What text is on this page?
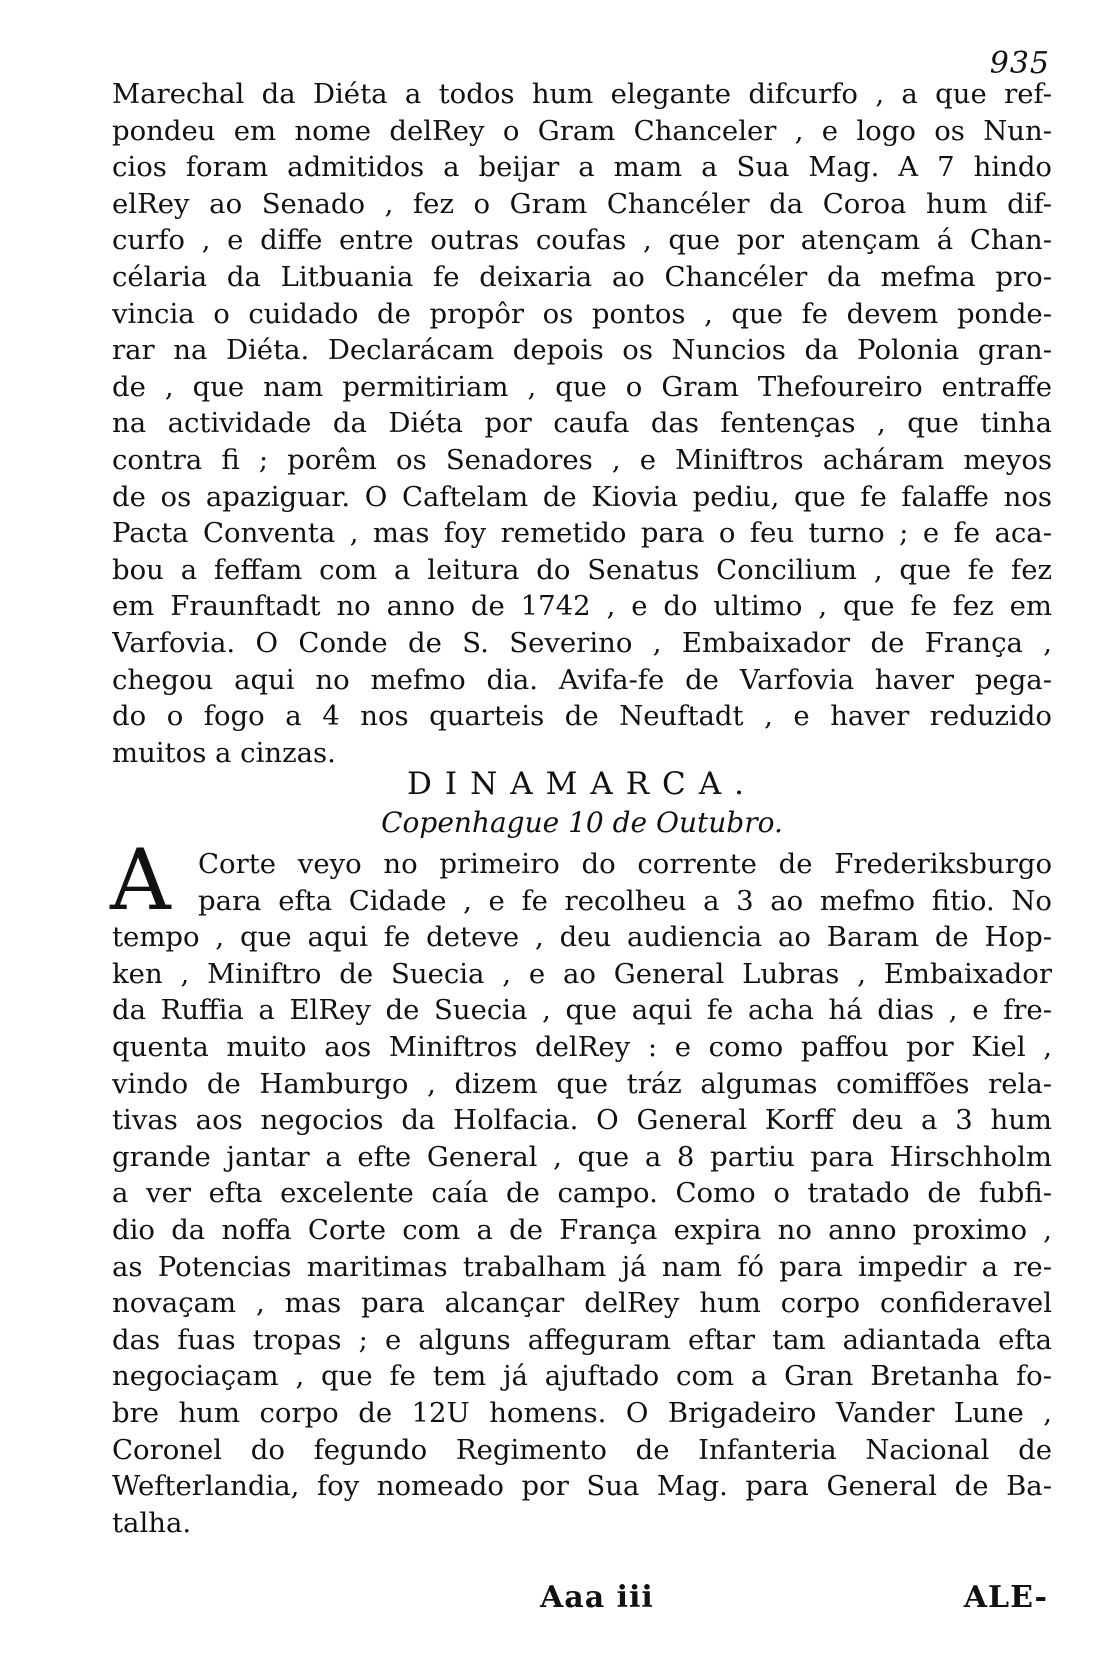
935
Marechal da Diéta a todos hum elegante difcurfo , a que ref-
pondeu em nome delRey o Gram Chanceler , e logo os Nun-
cios foram admitidos a beijar a mam a Sua Mag. A 7 hindo
elRey ao Senado , fez o Gram Chancéler da Coroa hum dif-
curfo , e diffe entre outras coufas , que por atençam á Chan-
célaria da Litbuania fe deixaria ao Chancéler da mefma pro-
vincia o cuidado de propôr os pontos , que fe devem ponde-
rar na Diéta. Declarácam depois os Nuncios da Polonia gran-
de , que nam permitiriam , que o Gram Thefoureiro entraffe
na actividade da Diéta por caufa das fentenças , que tinha
contra fi ; porêm os Senadores , e Miniftros acháram meyos
de os apaziguar. O Caftelam de Kiovia pediu, que fe falaffe nos
Pacta Conventa , mas foy remetido para o feu turno ; e fe aca-
bou a feffam com a leitura do Senatus Concilium , que fe fez
em Fraunftadt no anno de 1742 , e do ultimo , que fe fez em
Varfovia. O Conde de S. Severino , Embaixador de França ,
chegou aqui no mefmo dia. Avifa-fe de Varfovia haver pega-
do o fogo a 4 nos quarteis de Neuftadt , e haver reduzido
muitos a cinzas.
DINAMARCA.
Copenhague 10 de Outubro.
A Corte veyo no primeiro do corrente de Frederiksburgo
para efta Cidade , e fe recolheu a 3 ao mefmo fitio. No
tempo , que aqui fe deteve , deu audiencia ao Baram de Hop-
ken , Miniftro de Suecia , e ao General Lubras , Embaixador
da Ruffia a ElRey de Suecia , que aqui fe acha há dias , e fre-
quenta muito aos Miniftros delRey : e como paffou por Kiel ,
vindo de Hamburgo , dizem que tráz algumas comiffões rela-
tivas aos negocios da Holfacia. O General Korff deu a 3 hum
grande jantar a efte General , que a 8 partiu para Hirschholm
a ver efta excelente caía de campo. Como o tratado de fubfi-
dio da noffa Corte com a de França expira no anno proximo ,
as Potencias maritimas trabalham já nam fó para impedir a re-
novaçam , mas para alcançar delRey hum corpo confideravel
das fuas tropas ; e alguns affeguram eftar tam adiantada efta
negociaçam , que fe tem já ajuftado com a Gran Bretanha fo-
bre hum corpo de 12U homens. O Brigadeiro Vander Lune ,
Coronel do fegundo Regimento de Infanteria Nacional de
Wefterlandia, foy nomeado por Sua Mag. para General de Ba-
talha.
Aaa iii	ALE-
